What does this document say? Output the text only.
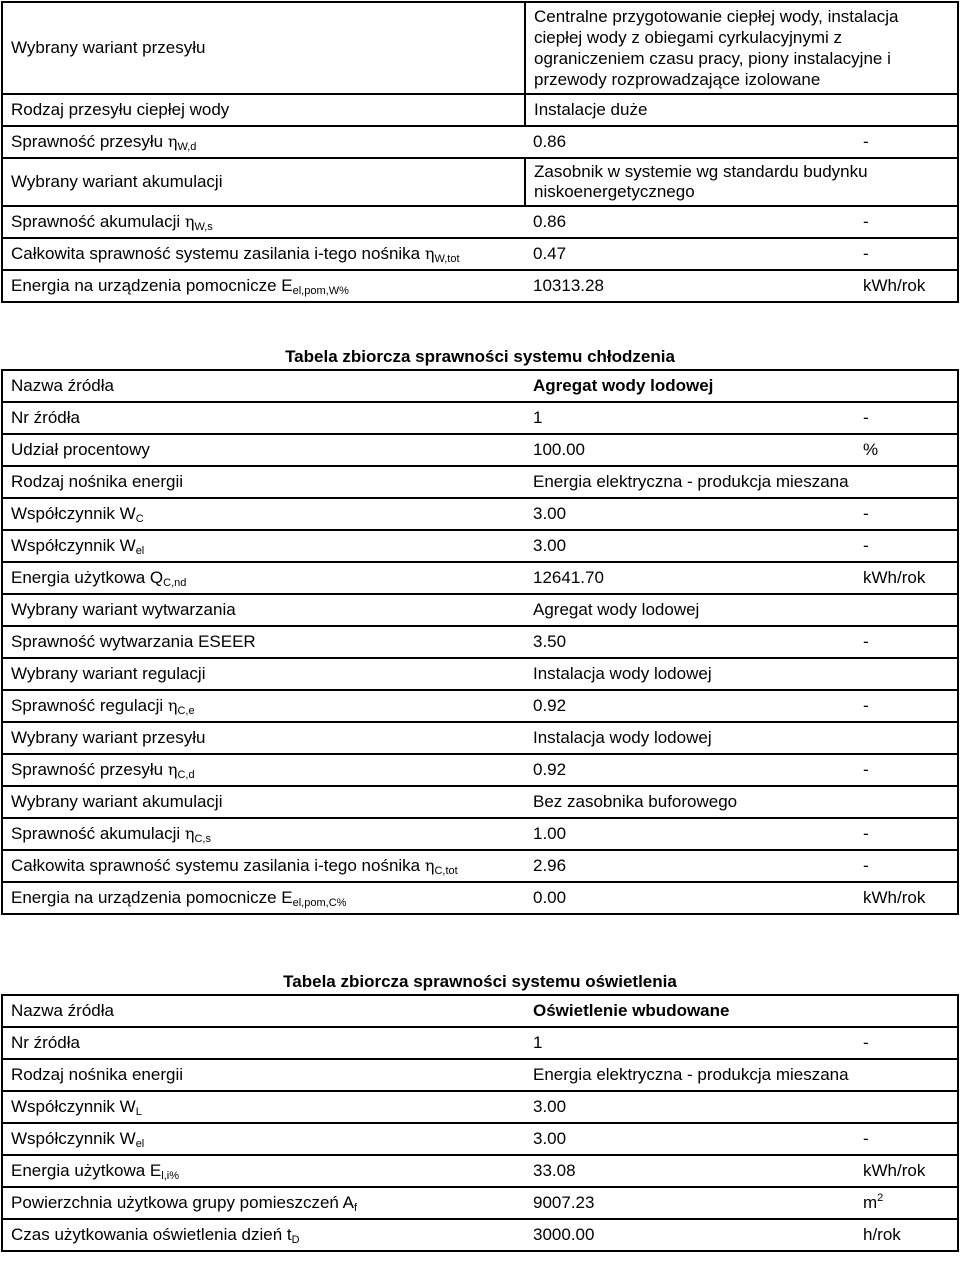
Wybrany wariant przesyłu	Centralne przygotowanie ciepłej wody, instalacja ciepłej wody z obiegami cyrkulacyjnymi z ograniczeniem czasu pracy, piony instalacyjne i przewody rozprowadzające izolowane	
Rodzaj przesyłu ciepłej wody	Instalacje duże	
Sprawność przesyłu $\eta_{W,d}$	0.86	-
Wybrany wariant akumulacji	Zasobnik w systemie wg standardu budynku niskoenergetycznego	
Sprawność akumulacji $\eta_{W,s}$	0.86	-
Całkowita sprawność systemu zasilania i-tego nośnika $\eta_{W,tot}$	0.47	-
Energia na urządzenia pomocnicze $E_{el,pom,W\%}$	10313.28	kWh/rok
Tabela zbiorcza sprawności systemu chłodzenia
Nazwa źródła	Agregat wody lodowej	
Nr źródła	1	-
Udział procentowy	100.00	%
Rodzaj nośnika energii	Energia elektryczna - produkcja mieszana	
Współczynnik $W_C$	3.00	-
Współczynnik $W_{el}$	3.00	-
Energia użytkowa $Q_{C,nd}$	12641.70	kWh/rok
Wybrany wariant wytwarzania	Agregat wody lodowej	
Sprawność wytwarzania ESEER	3.50	-
Wybrany wariant regulacji	Instalacja wody lodowej	
Sprawność regulacji $\eta_{C,e}$	0.92	-
Wybrany wariant przesyłu	Instalacja wody lodowej	
Sprawność przesyłu $\eta_{C,d}$	0.92	-
Wybrany wariant akumulacji	Bez zasobnika buforowego	
Sprawność akumulacji $\eta_{C,s}$	1.00	-
Całkowita sprawność systemu zasilania i-tego nośnika $\eta_{C,tot}$	2.96	-
Energia na urządzenia pomocnicze $E_{el,pom,C\%}$	0.00	kWh/rok
Tabela zbiorcza sprawności systemu oświetlenia
Nazwa źródła	Oświetlenie wbudowane	
Nr źródła	1	-
Rodzaj nośnika energii	Energia elektryczna - produkcja mieszana	
Współczynnik $W_L$	3.00	
Współczynnik $W_{el}$	3.00	-
Energia użytkowa $E_{l,i\%}$	33.08	kWh/rok
Powierzchnia użytkowa grupy pomieszczeń $A_f$	9007.23	$m^2$
Czas użytkowania oświetlenia dzień $t_D$	3000.00	h/rok
